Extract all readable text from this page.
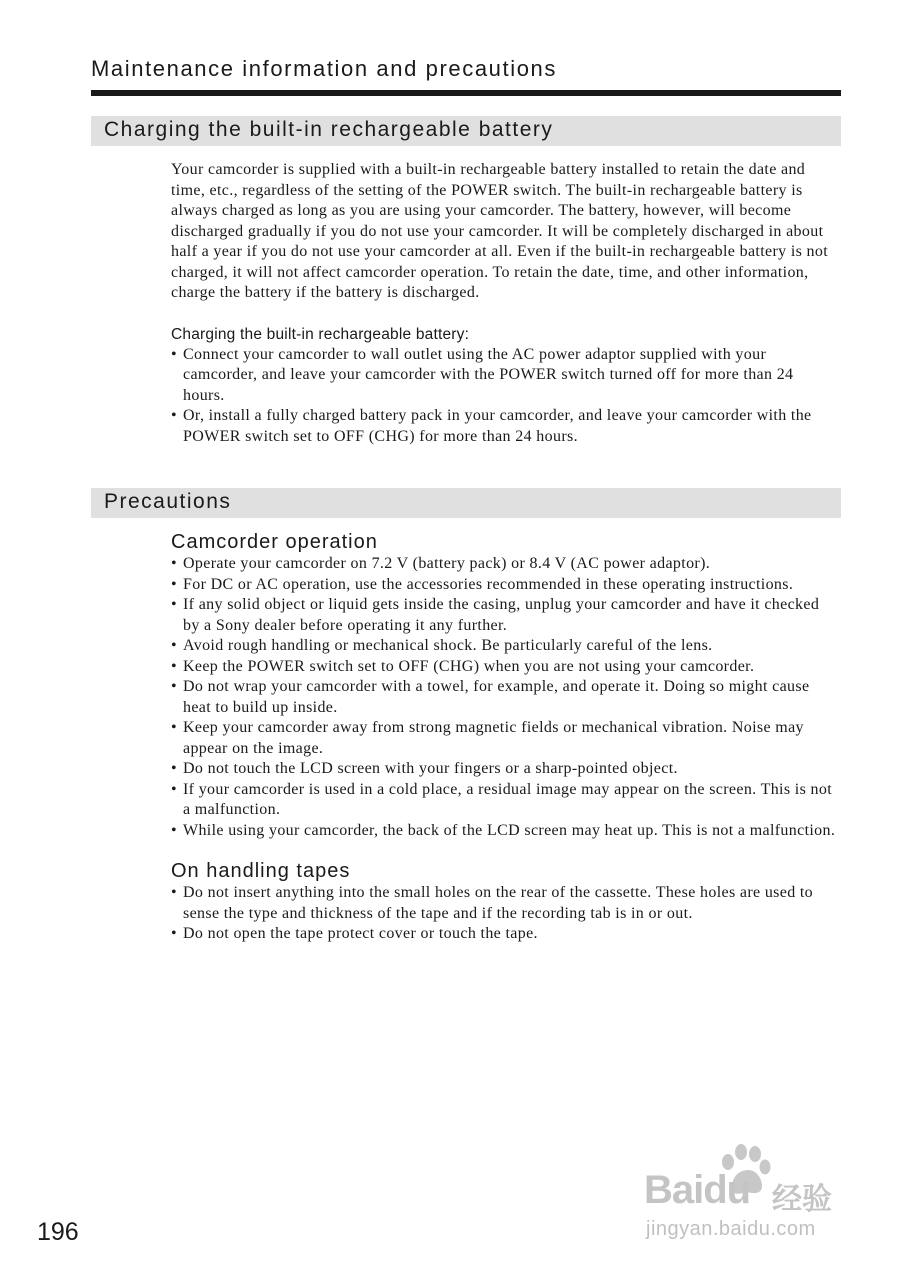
Maintenance information and precautions
Charging the built-in rechargeable battery

Your camcorder is supplied with a built-in rechargeable battery installed to retain the date and time, etc., regardless of the setting of the POWER switch. The built-in rechargeable battery is always charged as long as you are using your camcorder. The battery, however, will become discharged gradually if you do not use your camcorder. It will be completely discharged in about half a year if you do not use your camcorder at all. Even if the built-in rechargeable battery is not charged, it will not affect camcorder operation. To retain the date, time, and other information, charge the battery if the battery is discharged.

Charging the built-in rechargeable battery:

• Connect your camcorder to wall outlet using the AC power adaptor supplied with your camcorder, and leave your camcorder with the POWER switch turned off for more than 24 hours.
• Or, install a fully charged battery pack in your camcorder, and leave your camcorder with the POWER switch set to OFF (CHG) for more than 24 hours.
Precautions

Camcorder operation

• Operate your camcorder on 7.2 V (battery pack) or 8.4 V (AC power adaptor).
• For DC or AC operation, use the accessories recommended in these operating instructions.
• If any solid object or liquid gets inside the casing, unplug your camcorder and have it checked by a Sony dealer before operating it any further.
• Avoid rough handling or mechanical shock. Be particularly careful of the lens.
• Keep the POWER switch set to OFF (CHG) when you are not using your camcorder.
• Do not wrap your camcorder with a towel, for example, and operate it. Doing so might cause heat to build up inside.
• Keep your camcorder away from strong magnetic fields or mechanical vibration. Noise may appear on the image.
• Do not touch the LCD screen with your fingers or a sharp-pointed object.
• If your camcorder is used in a cold place, a residual image may appear on the screen. This is not a malfunction.
• While using your camcorder, the back of the LCD screen may heat up. This is not a malfunction.

On handling tapes

• Do not insert anything into the small holes on the rear of the cassette. These holes are used to sense the type and thickness of the tape and if the recording tab is in or out.
• Do not open the tape protect cover or touch the tape.
196
Baidu 经验
jingyan.baidu.com
